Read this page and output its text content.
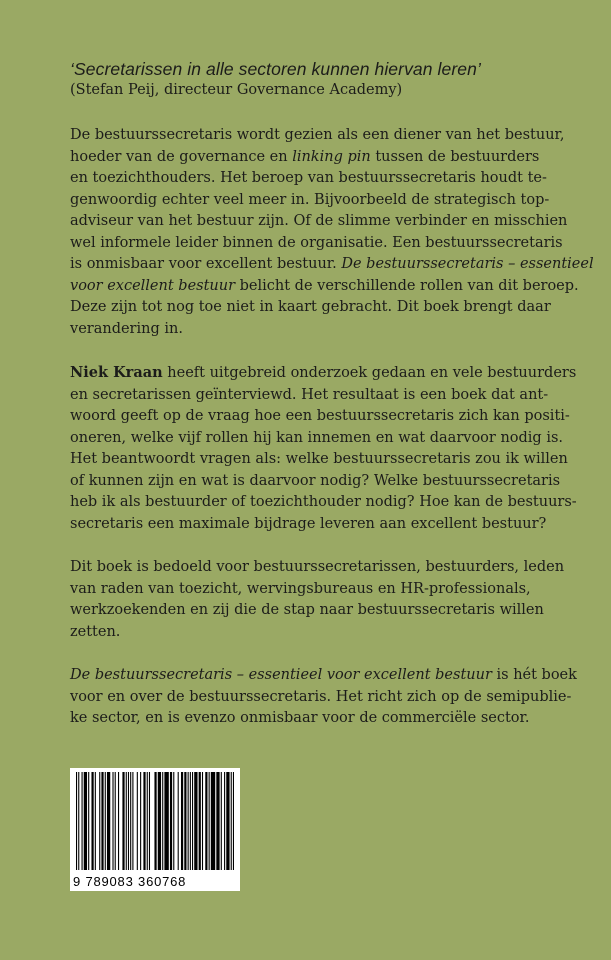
‘Secretarissen in alle sectoren kunnen hiervan leren’

(Stefan Peij, directeur Governance Academy)

De bestuurssecretaris wordt gezien als een diener van het bestuur,
hoeder van de governance en linking pin tussen de bestuurders
en toezichthouders. Het beroep van bestuurssecretaris houdt te-
genwoordig echter veel meer in. Bijvoorbeeld de strategisch top-
adviseur van het bestuur zijn. Of de slimme verbinder en misschien
wel informele leider binnen de organisatie. Een bestuurssecretaris
is onmisbaar voor excellent bestuur. De bestuurssecretaris – essentieel
voor excellent bestuur belicht de verschillende rollen van dit beroep.
Deze zijn tot nog toe niet in kaart gebracht. Dit boek brengt daar
verandering in.

Niek Kraan heeft uitgebreid onderzoek gedaan en vele bestuurders
en secretarissen geïnterviewd. Het resultaat is een boek dat ant-
woord geeft op de vraag hoe een bestuurssecretaris zich kan positi-
oneren, welke vijf rollen hij kan innemen en wat daarvoor nodig is.
Het beantwoordt vragen als: welke bestuurssecretaris zou ik willen
of kunnen zijn en wat is daarvoor nodig? Welke bestuurssecretaris
heb ik als bestuurder of toezichthouder nodig? Hoe kan de bestuurs-
secretaris een maximale bijdrage leveren aan excellent bestuur?

Dit boek is bedoeld voor bestuurssecretarissen, bestuurders, leden
van raden van toezicht, wervingsbureaus en HR-professionals,
werkzoekenden en zij die de stap naar bestuurssecretaris willen
zetten.

De bestuurssecretaris – essentieel voor excellent bestuur is hét boek
voor en over de bestuurssecretaris. Het richt zich op de semipublie-
ke sector, en is evenzo onmisbaar voor de commerciële sector.

9 789083 360768
